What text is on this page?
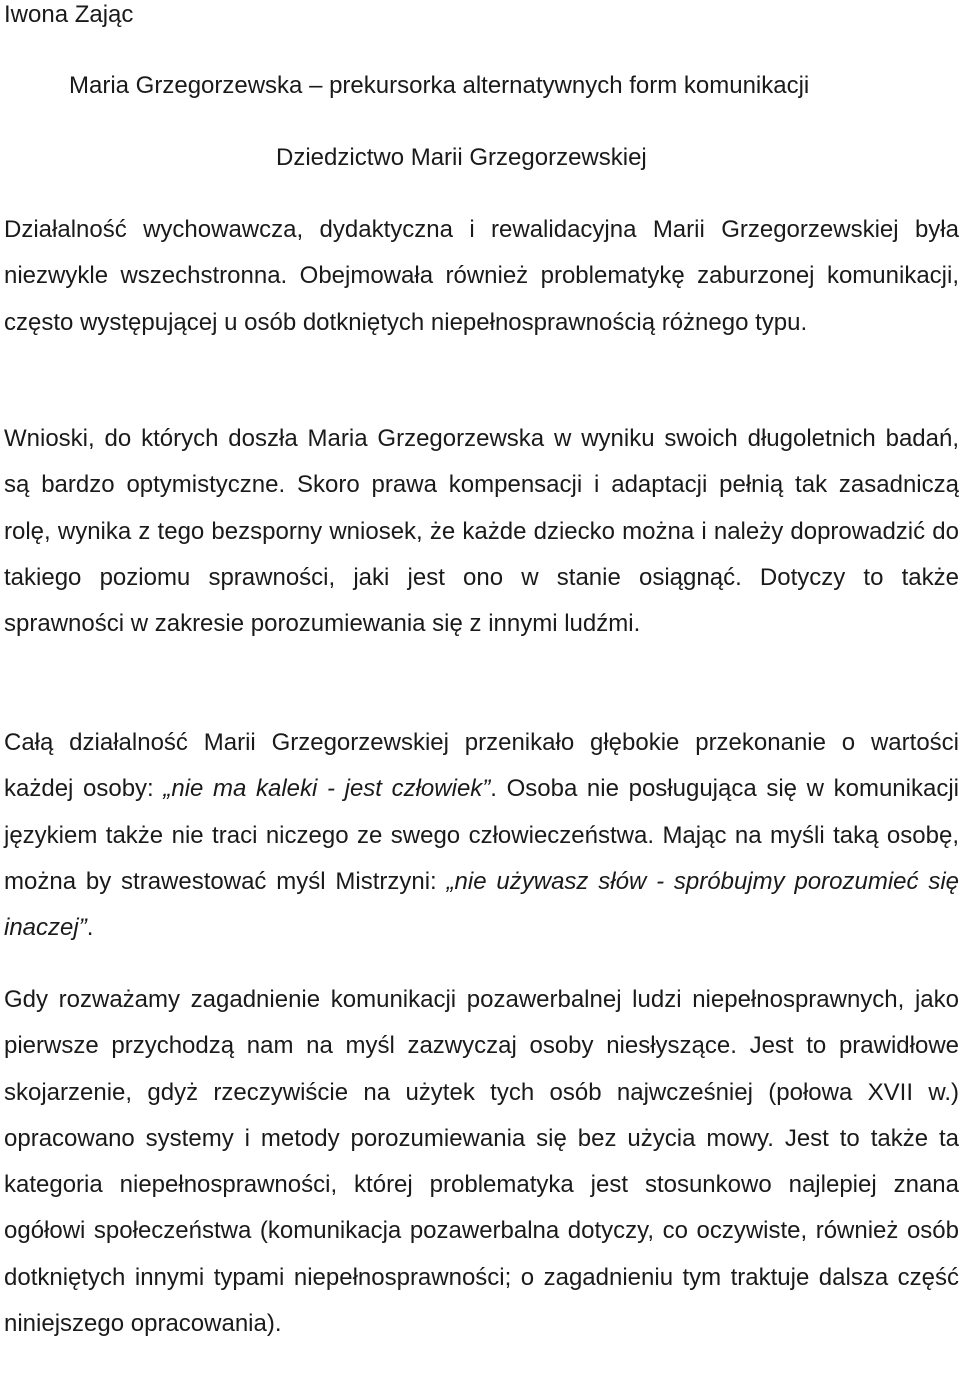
Iwona Zając

Maria Grzegorzewska – prekursorka alternatywnych form komunikacji

Dziedzictwo Marii Grzegorzewskiej

Działalność wychowawcza, dydaktyczna i rewalidacyjna Marii Grzegorzewskiej była niezwykle wszechstronna. Obejmowała również problematykę zaburzonej komunikacji, często występującej u osób dotkniętych niepełnosprawnością różnego typu.

Wnioski, do których doszła Maria Grzegorzewska w wyniku swoich długoletnich badań, są bardzo optymistyczne. Skoro prawa kompensacji i adaptacji pełnią tak zasadniczą rolę, wynika z tego bezsporny wniosek, że każde dziecko można i należy doprowadzić do takiego poziomu sprawności, jaki jest ono w stanie osiągnąć. Dotyczy to także sprawności w zakresie porozumiewania się z innymi ludźmi.

Całą działalność Marii Grzegorzewskiej przenikało głębokie przekonanie o wartości każdej osoby: „nie ma kaleki - jest człowiek”. Osoba nie posługująca się w komunikacji językiem także nie traci niczego ze swego człowieczeństwa. Mając na myśli taką osobę, można by strawestować myśl Mistrzyni: „nie używasz słów - spróbujmy porozumieć się inaczej”.

Gdy rozważamy zagadnienie komunikacji pozawerbalnej ludzi niepełnosprawnych, jako pierwsze przychodzą nam na myśl zazwyczaj osoby niesłyszące. Jest to prawidłowe skojarzenie, gdyż rzeczywiście na użytek tych osób najwcześniej (połowa XVII w.) opracowano systemy i metody porozumiewania się bez użycia mowy. Jest to także ta kategoria niepełnosprawności, której problematyka jest stosunkowo najlepiej znana ogółowi społeczeństwa (komunikacja pozawerbalna dotyczy, co oczywiste, również osób dotkniętych innymi typami niepełnosprawności; o zagadnieniu tym traktuje dalsza część niniejszego opracowania).
